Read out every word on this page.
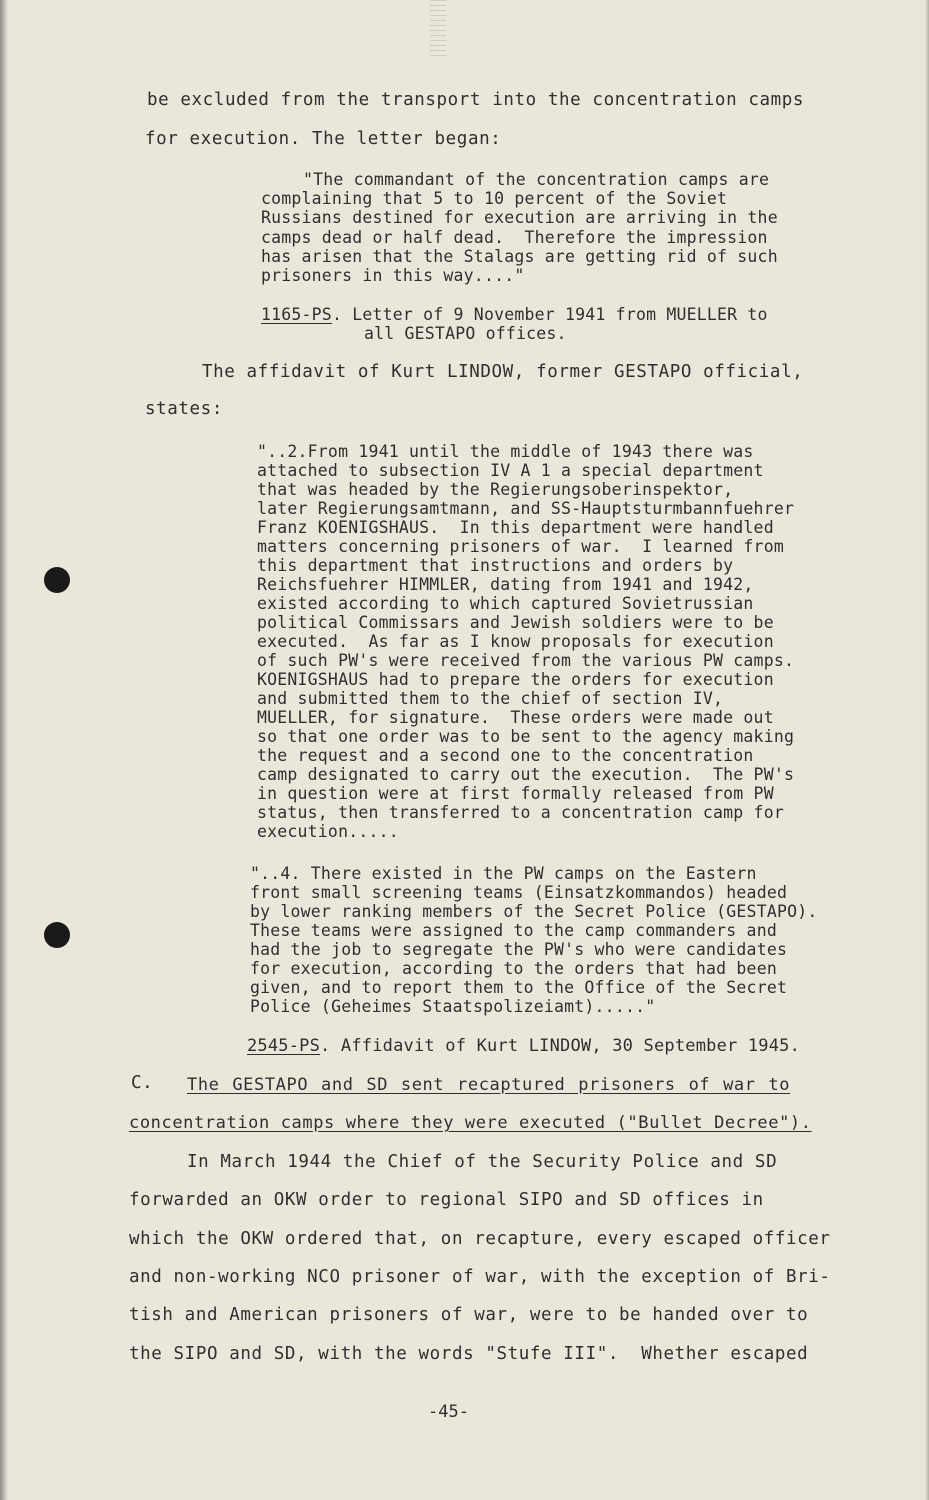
be excluded from the transport into the concentration camps
for execution. The letter began:
"The commandant of the concentration camps are
complaining that 5 to 10 percent of the Soviet
Russians destined for execution are arriving in the
camps dead or half dead.  Therefore the impression
has arisen that the Stalags are getting rid of such
prisoners in this way...."
1165-PS. Letter of 9 November 1941 from MUELLER to
all GESTAPO offices.
The affidavit of Kurt LINDOW, former GESTAPO official,
states:
"..2.From 1941 until the middle of 1943 there was
attached to subsection IV A 1 a special department
that was headed by the Regierungsoberinspektor,
later Regierungsamtmann, and SS-Hauptsturmbannfuehrer
Franz KOENIGSHAUS.  In this department were handled
matters concerning prisoners of war.  I learned from
this department that instructions and orders by
Reichsfuehrer HIMMLER, dating from 1941 and 1942,
existed according to which captured Sovietrussian
political Commissars and Jewish soldiers were to be
executed.  As far as I know proposals for execution
of such PW's were received from the various PW camps.
KOENIGSHAUS had to prepare the orders for execution
and submitted them to the chief of section IV,
MUELLER, for signature.  These orders were made out
so that one order was to be sent to the agency making
the request and a second one to the concentration
camp designated to carry out the execution.  The PW's
in question were at first formally released from PW
status, then transferred to a concentration camp for
execution.....
"..4. There existed in the PW camps on the Eastern
front small screening teams (Einsatzkommandos) headed
by lower ranking members of the Secret Police (GESTAPO).
These teams were assigned to the camp commanders and
had the job to segregate the PW's who were candidates
for execution, according to the orders that had been
given, and to report them to the Office of the Secret
Police (Geheimes Staatspolizeiamt)....."
2545-PS. Affidavit of Kurt LINDOW, 30 September 1945.
C. The GESTAPO and SD sent recaptured prisoners of war to
concentration camps where they were executed ("Bullet Decree").
In March 1944 the Chief of the Security Police and SD
forwarded an OKW order to regional SIPO and SD offices in
which the OKW ordered that, on recapture, every escaped officer
and non-working NCO prisoner of war, with the exception of Bri-
tish and American prisoners of war, were to be handed over to
the SIPO and SD, with the words "Stufe III".  Whether escaped
-45-
